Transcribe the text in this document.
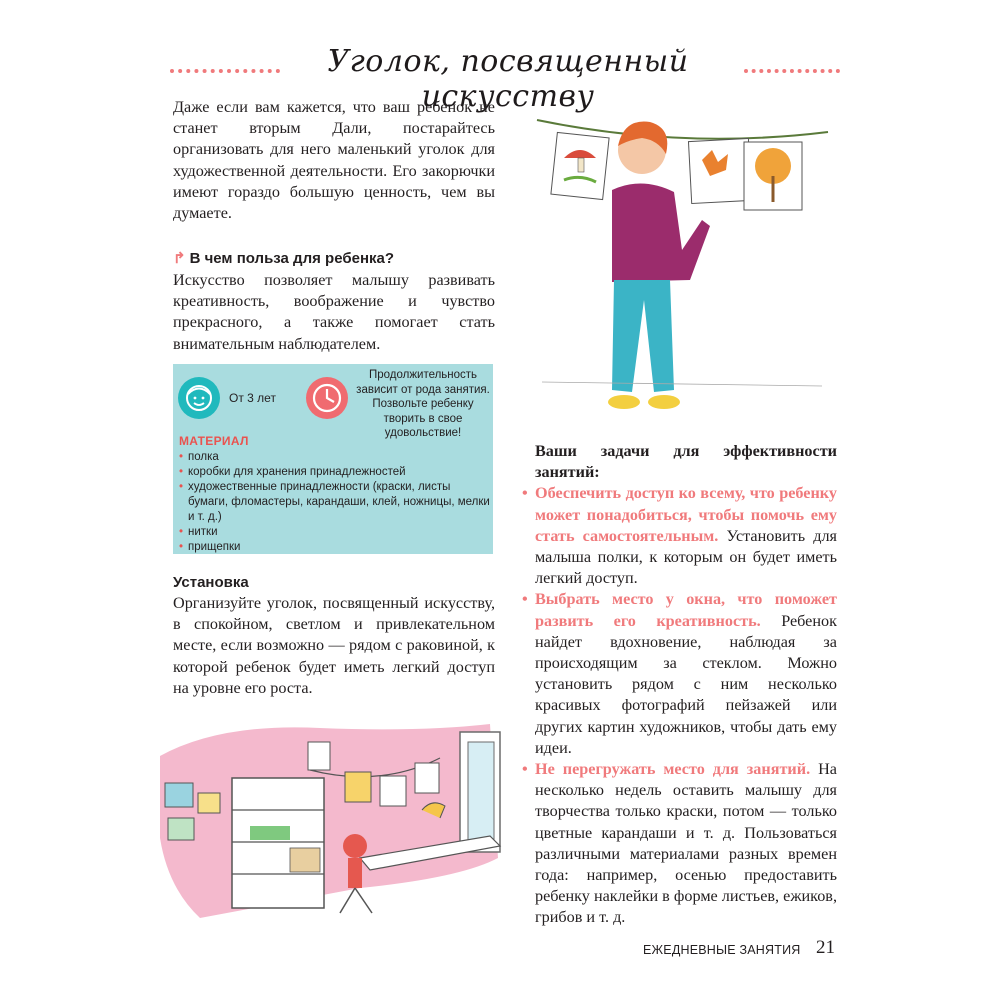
Уголок, посвященный искусству

Даже если вам кажется, что ваш ребенок не станет вторым Дали, постарайтесь организовать для него маленький уголок для художественной деятельности. Его закорючки имеют гораздо большую ценность, чем вы думаете.

↱ В чем польза для ребенка?

Искусство позволяет малышу развивать креативность, воображение и чувство прекрасного, а также помогает стать внимательным наблюдателем.

От 3 лет
Продолжительность зависит от рода занятия. Позвольте ребенку творить в свое удовольствие!
МАТЕРИАЛ
• полка
• коробки для хранения принадлежностей
• художественные принадлежности (краски, листы бумаги, фломастеры, карандаши, клей, ножницы, мелки и т. д.)
• нитки
• прищепки

Установка

Организуйте уголок, посвященный искусству, в спокойном, светлом и привлекательном месте, если возможно — рядом с раковиной, к которой ребенок будет иметь легкий доступ на уровне его роста.

Ваши задачи для эффективности занятий:

• Обеспечить доступ ко всему, что ребенку может понадобиться, чтобы помочь ему стать самостоятельным. Установить для малыша полки, к которым он будет иметь легкий доступ.

• Выбрать место у окна, что поможет развить его креативность. Ребенок найдет вдохновение, наблюдая за происходящим за стеклом. Можно установить рядом с ним несколько красивых фотографий пейзажей или других картин художников, чтобы дать ему идеи.

• Не перегружать место для занятий. На несколько недель оставить малышу для творчества только краски, потом — только цветные карандаши и т. д. Пользоваться различными материалами разных времен года: например, осенью предоставить ребенку наклейки в форме листьев, ежиков, грибов и т. д.

ЕЖЕДНЕВНЫЕ ЗАНЯТИЯ 21
